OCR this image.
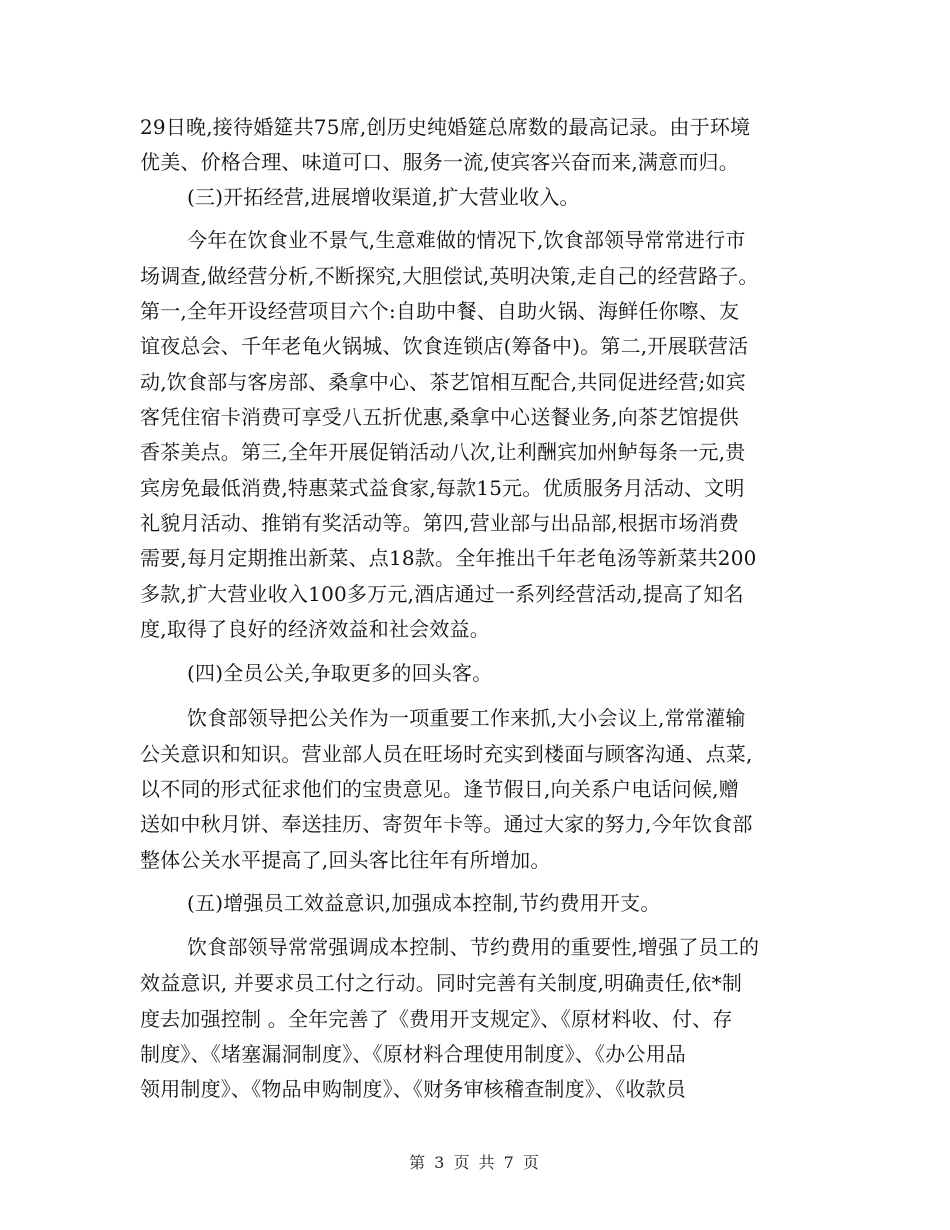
29日晚,接待婚筵共75席,创历史纯婚筵总席数的最高记录。由于环境
优美、价格合理、味道可口、服务一流,使宾客兴奋而来,满意而归。
(三)开拓经营,进展增收渠道,扩大营业收入。
今年在饮食业不景气,生意难做的情况下,饮食部领导常常进行市
场调查,做经营分析,不断探究,大胆偿试,英明决策,走自己的经营路子。
第一,全年开设经营项目六个:自助中餐、自助火锅、海鲜任你嚓、友
谊夜总会、千年老龟火锅城、饮食连锁店(筹备中)。第二,开展联营活
动,饮食部与客房部、桑拿中心、茶艺馆相互配合,共同促进经营;如宾
客凭住宿卡消费可享受八五折优惠,桑拿中心送餐业务,向茶艺馆提供
香茶美点。第三,全年开展促销活动八次,让利酬宾加州鲈每条一元,贵
宾房免最低消费,特惠菜式益食家,每款15元。优质服务月活动、文明
礼貌月活动、推销有奖活动等。第四,营业部与出品部,根据市场消费
需要,每月定期推出新菜、点18款。全年推出千年老龟汤等新菜共200
多款,扩大营业收入100多万元,酒店通过一系列经营活动,提高了知名
度,取得了良好的经济效益和社会效益。
(四)全员公关,争取更多的回头客。
饮食部领导把公关作为一项重要工作来抓,大小会议上,常常灌输
公关意识和知识。营业部人员在旺场时充实到楼面与顾客沟通、点菜,
以不同的形式征求他们的宝贵意见。逢节假日,向关系户电话问候,赠
送如中秋月饼、奉送挂历、寄贺年卡等。通过大家的努力,今年饮食部
整体公关水平提高了,回头客比往年有所增加。
(五)增强员工效益意识,加强成本控制,节约费用开支。
饮食部领导常常强调成本控制、节约费用的重要性,增强了员工的
效益意识, 并要求员工付之行动。同时完善有关制度,明确责任,依*制
度去加强控制 。全年完善了《费用开支规定》、《原材料收、付、存
制度》、《堵塞漏洞制度》、《原材料合理使用制度》、《办公用品
领用制度》、《物品申购制度》、《财务审核稽查制度》、《收款员
第 3 页 共 7 页
